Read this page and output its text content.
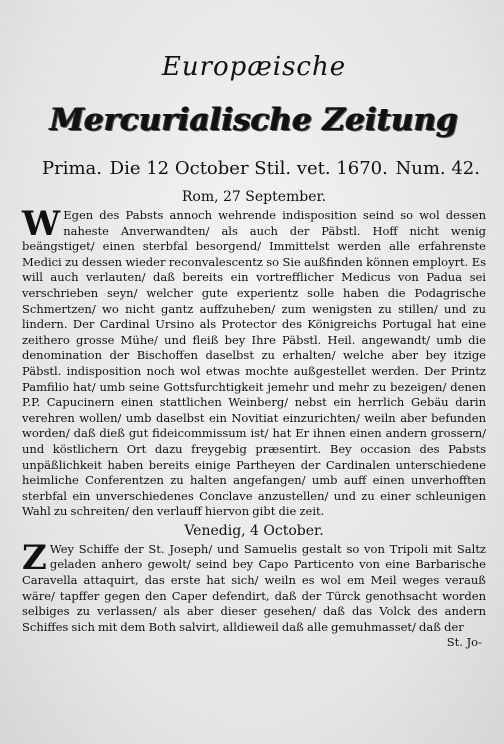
Europæische
Mercurialische Zeitung
Prima. Die 12 October Stil. vet. 1670. Num. 42.
Rom, 27 September.
W Egen des Pabsts annoch wehrende indisposition seind so wol dessen naheste Anverwandten/ als auch der Päbstl. Hoff nicht wenig beängstiget/ einen sterbfal besorgend/ Immittelst werden alle erfahrenste Medici zu dessen wieder reconvalescentz so Sie außfinden können employrt. Es will auch verlauten/ daß bereits ein vortrefflicher Medicus von Padua sei verschrieben seyn/ welcher gute experientz solle haben die Podagrische Schmertzen/ wo nicht gantz auffzuheben/ zum wenigsten zu stillen/ und zu lindern. Der Cardinal Ursino als Protector des Königreichs Portugal hat eine zeithero grosse Mühe/ und fleiß bey Ihre Päbstl. Heil. angewandt/ umb die denomination der Bischoffen daselbst zu erhalten/ welche aber bey itzige Päbstl. indisposition noch wol etwas mochte außgestellet werden. Der Printz Pamfilio hat/ umb seine Gottsfurchtigkeit jemehr und mehr zu bezeigen/ denen P.P. Capucinern einen stattlichen Weinberg/ nebst ein herrlich Gebäu darin verehren wollen/ umb daselbst ein Novitiat einzurichten/ weiln aber befunden worden/ daß dieß gut fideicommissum ist/ hat Er ihnen einen andern grossern/ und köstlichern Ort dazu freygebig præsentirt. Bey occasion des Pabsts unpäßlichkeit haben bereits einige Partheyen der Cardinalen unterschiedene heimliche Conferentzen zu halten angefangen/ umb auff einen unverhofften sterbfal ein unverschiedenes Conclave anzustellen/ und zu einer schleunigen Wahl zu schreiten/ den verlauff hiervon gibt die zeit.
Venedig, 4 October.
Z Wey Schiffe der St. Joseph/ und Samuelis gestalt so von Tripoli mit Saltz geladen anhero gewolt/ seind bey Capo Particento von eine Barbarische Caravella attaquirt, das erste hat sich/ weiln es wol em Meil weges verauß wäre/ tapffer gegen den Caper defendirt, daß der Türck genothsacht worden selbiges zu verlassen/ als aber dieser gesehen/ daß das Volck des andern Schiffes sich mit dem Both salvirt, alldieweil daß alle gemuhmasset/ daß der
St. Jo-
